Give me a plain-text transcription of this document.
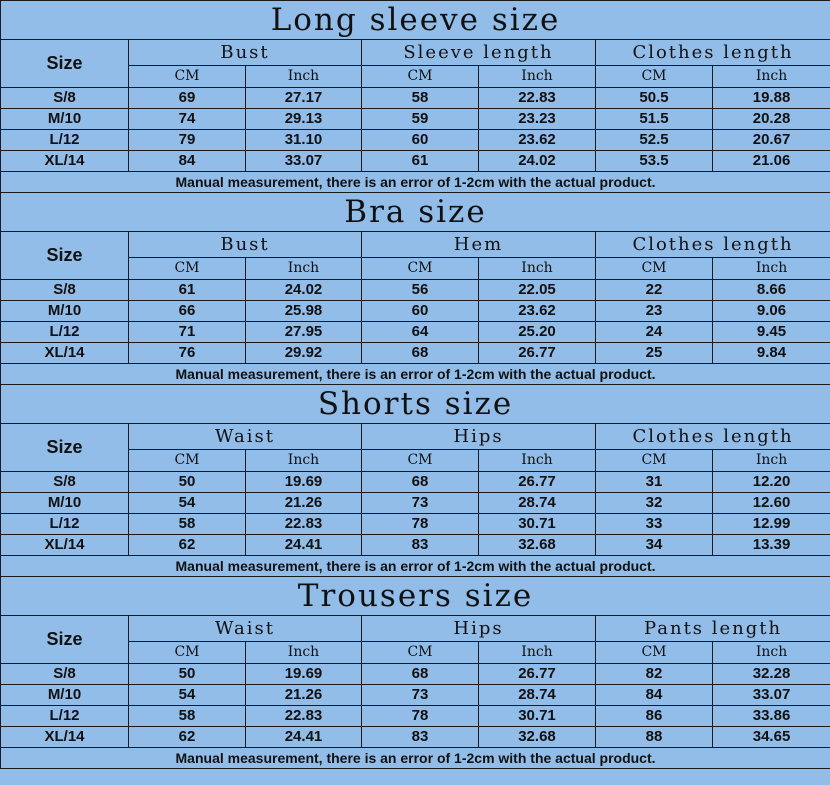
Long sleeve size						
Size	Bust		Sleeve length		Clothes length	
	CM	Inch	CM	Inch	CM	Inch
S/8	69	27.17	58	22.83	50.5	19.88
M/10	74	29.13	59	23.23	51.5	20.28
L/12	79	31.10	60	23.62	52.5	20.67
XL/14	84	33.07	61	24.02	53.5	21.06
Manual measurement, there is an error of 1-2cm with the actual product.						
Bra size						
Size	Bust		Hem		Clothes length	
	CM	Inch	CM	Inch	CM	Inch
S/8	61	24.02	56	22.05	22	8.66
M/10	66	25.98	60	23.62	23	9.06
L/12	71	27.95	64	25.20	24	9.45
XL/14	76	29.92	68	26.77	25	9.84
Manual measurement, there is an error of 1-2cm with the actual product.						
Shorts size						
Size	Waist		Hips		Clothes length	
	CM	Inch	CM	Inch	CM	Inch
S/8	50	19.69	68	26.77	31	12.20
M/10	54	21.26	73	28.74	32	12.60
L/12	58	22.83	78	30.71	33	12.99
XL/14	62	24.41	83	32.68	34	13.39
Manual measurement, there is an error of 1-2cm with the actual product.						
Trousers size						
Size	Waist		Hips		Pants length	
	CM	Inch	CM	Inch	CM	Inch
S/8	50	19.69	68	26.77	82	32.28
M/10	54	21.26	73	28.74	84	33.07
L/12	58	22.83	78	30.71	86	33.86
XL/14	62	24.41	83	32.68	88	34.65
Manual measurement, there is an error of 1-2cm with the actual product.						
